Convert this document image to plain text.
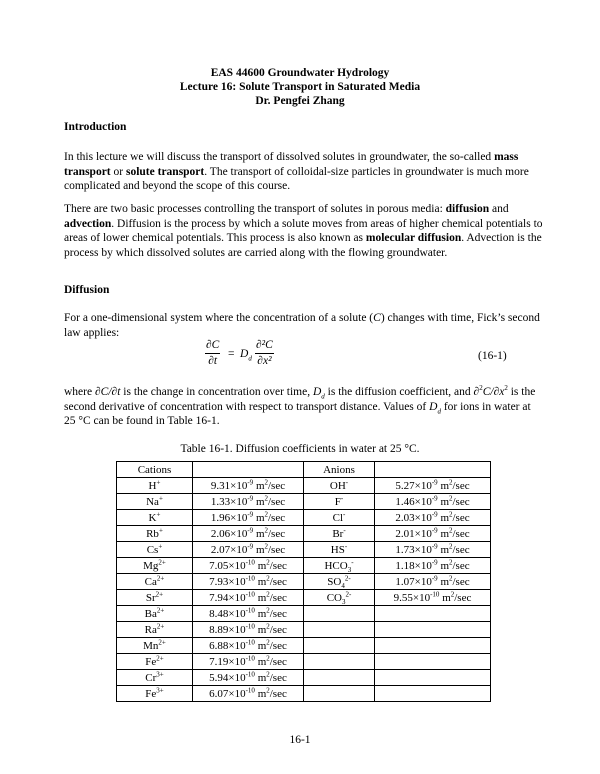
EAS 44600 Groundwater Hydrology
Lecture 16: Solute Transport in Saturated Media
Dr. Pengfei Zhang
Introduction

In this lecture we will discuss the transport of dissolved solutes in groundwater, the so-called mass transport or solute transport. The transport of colloidal-size particles in groundwater is much more complicated and beyond the scope of this course.

There are two basic processes controlling the transport of solutes in porous media: diffusion and advection. Diffusion is the process by which a solute moves from areas of higher chemical potentials to areas of lower chemical potentials. This process is also known as molecular diffusion. Advection is the process by which dissolved solutes are carried along with the flowing groundwater.

Diffusion

For a one-dimensional system where the concentration of a solute (C) changes with time, Fick’s second law applies:

$\frac{\partial C}{\partial t} = D_d \frac{\text{∂²C}}{\text{∂x²}}$	(16-1)

where ∂C/∂t is the change in concentration over time, $D_d$ is the diffusion coefficient, and $\partial^2C/\partial x^2$ is the second derivative of concentration with respect to transport distance. Values of $D_d$ for ions in water at 25 °C can be found in Table 16-1.

Table 16-1. Diffusion coefficients in water at 25 °C.
Cations		Anions	
H+	$9.31\times 10^{-9}$ $m^2/\sec$	OH-	$5.27\times 10^{-9}$ $m^2/\sec$
Na+	$1.33\times 10^{-9}$ $m^2/\sec$	F-	$1.46\times 10^{-9}$ $m^2/\sec$
K+	$1.96\times 10^{-9}$ $m^2/\sec$	Cl-	$2.03\times 10^{-9}$ $m^2/\sec$
Rb+	$2.06\times 10^{-9}$ $m^2/\sec$	Br-	$2.01\times 10^{-9}$ $m^2/\sec$
Cs+	$2.07\times 10^{-9}$ $m^2/\sec$	HS-	$1.73\times 10^{-9}$ $m^2/\sec$
$Mg^{2+}$	$7.05\times 10^{-10}$ $m^2/\sec$	$HCO_3^-$	$1.18\times 10^{-9}$ $m^2/\sec$
$Ca^{2+}$	$7.93\times 10^{-10}$ $m^2/\sec$	$SO_4^{2-}$	$1.07\times 10^{-9}$ $m^2/\sec$
$Sr^{2+}$	$7.94\times 10^{-10}$ $m^2/\sec$	$CO_3^{2-}$	$9.55\times 10^{-10}$ $m^2/\sec$
$Ba^{2+}$	$8.48\times 10^{-10}$ $m^2/\sec$		
$Ra^{2+}$	$8.89\times 10^{-10}$ $m^2/\sec$		
$Mn^{2+}$	$6.88\times 10^{-10}$ $m^2/\sec$		
$Fe^{2+}$	$7.19\times 10^{-10}$ $m^2/\sec$		
$Cr^{3+}$	$5.94\times 10^{-10}$ $m^2/\sec$		
$Fe^{3+}$	$6.07\times 10^{-10}$ $m^2/\sec$		
16-1
